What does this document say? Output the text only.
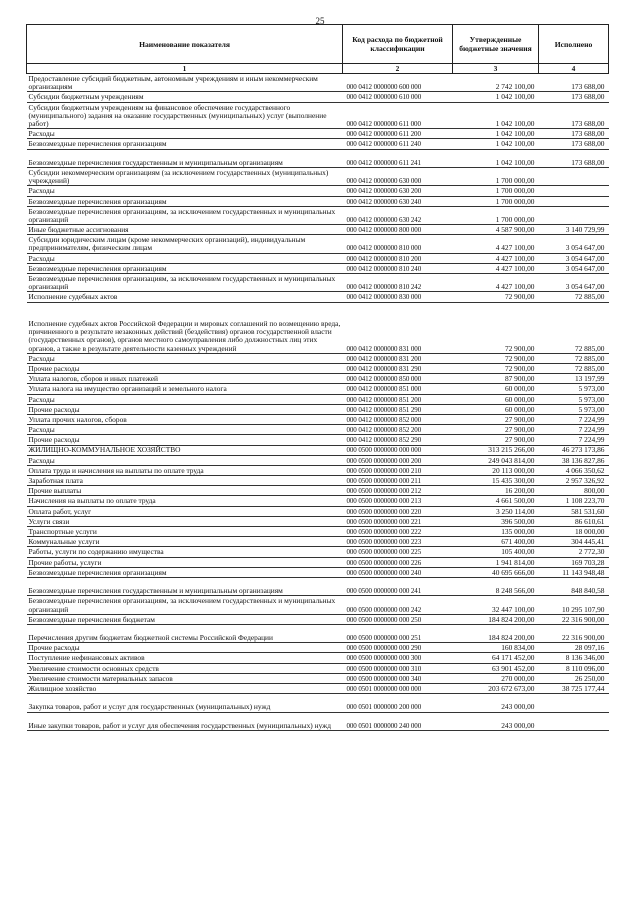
25
Наименование показателя	Код расхода по бюджетной классификации	Утвержденные бюджетные значения	Исполнено
1	2	3	4
Предоставление субсидий бюджетным, автономным учреждениям и иным некоммерческим организациям	000 0412 0000000 600 000	2 742 100,00	173 688,00
Субсидии бюджетным учреждениям	000 0412 0000000 610 000	1 042 100,00	173 688,00
Субсидии бюджетным учреждениям на финансовое обеспечение государственного (муниципального) задания на оказание государственных (муниципальных) услуг (выполнение работ)	000 0412 0000000 611 000	1 042 100,00	173 688,00
Расходы	000 0412 0000000 611 200	1 042 100,00	173 688,00
Безвозмездные перечисления организациям	000 0412 0000000 611 240	1 042 100,00	173 688,00
Безвозмездные перечисления государственным и муниципальным организациям	000 0412 0000000 611 241	1 042 100,00	173 688,00
Субсидии некоммерческим организациям (за исключением государственных (муниципальных) учреждений)	000 0412 0000000 630 000	1 700 000,00	
Расходы	000 0412 0000000 630 200	1 700 000,00	
Безвозмездные перечисления организациям	000 0412 0000000 630 240	1 700 000,00	
Безвозмездные перечисления организациям, за исключением государственных и муниципальных организаций	000 0412 0000000 630 242	1 700 000,00	
Иные бюджетные ассигнования	000 0412 0000000 800 000	4 587 900,00	3 140 729,99
Субсидии юридическим лицам (кроме некоммерческих организаций), индивидуальным предпринимателям, физическим лицам	000 0412 0000000 810 000	4 427 100,00	3 054 647,00
Расходы	000 0412 0000000 810 200	4 427 100,00	3 054 647,00
Безвозмездные перечисления организациям	000 0412 0000000 810 240	4 427 100,00	3 054 647,00
Безвозмездные перечисления организациям, за исключением государственных и муниципальных организаций	000 0412 0000000 810 242	4 427 100,00	3 054 647,00
Исполнение судебных актов	000 0412 0000000 830 000	72 900,00	72 885,00
Исполнение судебных актов Российской Федерации и мировых соглашений по возмещению вреда, причиненного в результате незаконных действий (бездействия) органов государственной власти (государственных органов), органов местного самоуправления либо должностных лиц этих органов, а также в результате деятельности казенных учреждений	000 0412 0000000 831 000	72 900,00	72 885,00
Расходы	000 0412 0000000 831 200	72 900,00	72 885,00
Прочие расходы	000 0412 0000000 831 290	72 900,00	72 885,00
Уплата налогов, сборов и иных платежей	000 0412 0000000 850 000	87 900,00	13 197,99
Уплата налога на имущество организаций и земельного налога	000 0412 0000000 851 000	60 000,00	5 973,00
Расходы	000 0412 0000000 851 200	60 000,00	5 973,00
Прочие расходы	000 0412 0000000 851 290	60 000,00	5 973,00
Уплата прочих налогов, сборов	000 0412 0000000 852 000	27 900,00	7 224,99
Расходы	000 0412 0000000 852 200	27 900,00	7 224,99
Прочие расходы	000 0412 0000000 852 290	27 900,00	7 224,99
ЖИЛИЩНО-КОММУНАЛЬНОЕ ХОЗЯЙСТВО	000 0500 0000000 000 000	313 215 266,00	46 273 173,86
Расходы	000 0500 0000000 000 200	249 043 814,00	38 136 827,86
Оплата труда и начисления на выплаты по оплате труда	000 0500 0000000 000 210	20 113 000,00	4 066 350,62
Заработная плата	000 0500 0000000 000 211	15 435 300,00	2 957 326,92
Прочие выплаты	000 0500 0000000 000 212	16 200,00	800,00
Начисления на выплаты по оплате труда	000 0500 0000000 000 213	4 661 500,00	1 108 223,70
Оплата работ, услуг	000 0500 0000000 000 220	3 250 114,00	581 531,60
Услуги связи	000 0500 0000000 000 221	396 500,00	86 610,61
Транспортные услуги	000 0500 0000000 000 222	135 000,00	18 000,00
Коммунальные услуги	000 0500 0000000 000 223	671 400,00	304 445,41
Работы, услуги по содержанию имущества	000 0500 0000000 000 225	105 400,00	2 772,30
Прочие работы, услуги	000 0500 0000000 000 226	1 941 814,00	169 703,28
Безвозмездные перечисления организациям	000 0500 0000000 000 240	40 695 666,00	11 143 948,48
Безвозмездные перечисления государственным и муниципальным организациям	000 0500 0000000 000 241	8 248 566,00	848 840,58
Безвозмездные перечисления организациям, за исключением государственных и муниципальных организаций	000 0500 0000000 000 242	32 447 100,00	10 295 107,90
Безвозмездные перечисления бюджетам	000 0500 0000000 000 250	184 824 200,00	22 316 900,00
Перечисления другим бюджетам бюджетной системы Российской Федерации	000 0500 0000000 000 251	184 824 200,00	22 316 900,00
Прочие расходы	000 0500 0000000 000 290	160 834,00	28 097,16
Поступление нефинансовых активов	000 0500 0000000 000 300	64 171 452,00	8 136 346,00
Увеличение стоимости основных средств	000 0500 0000000 000 310	63 901 452,00	8 110 096,00
Увеличение стоимости материальных запасов	000 0500 0000000 000 340	270 000,00	26 250,00
Жилищное хозяйство	000 0501 0000000 000 000	203 672 673,00	38 725 177,44
Закупка товаров, работ и услуг для государственных (муниципальных) нужд	000 0501 0000000 200 000	243 000,00	
Иные закупки товаров, работ и услуг для обеспечения государственных (муниципальных) нужд	000 0501 0000000 240 000	243 000,00	
